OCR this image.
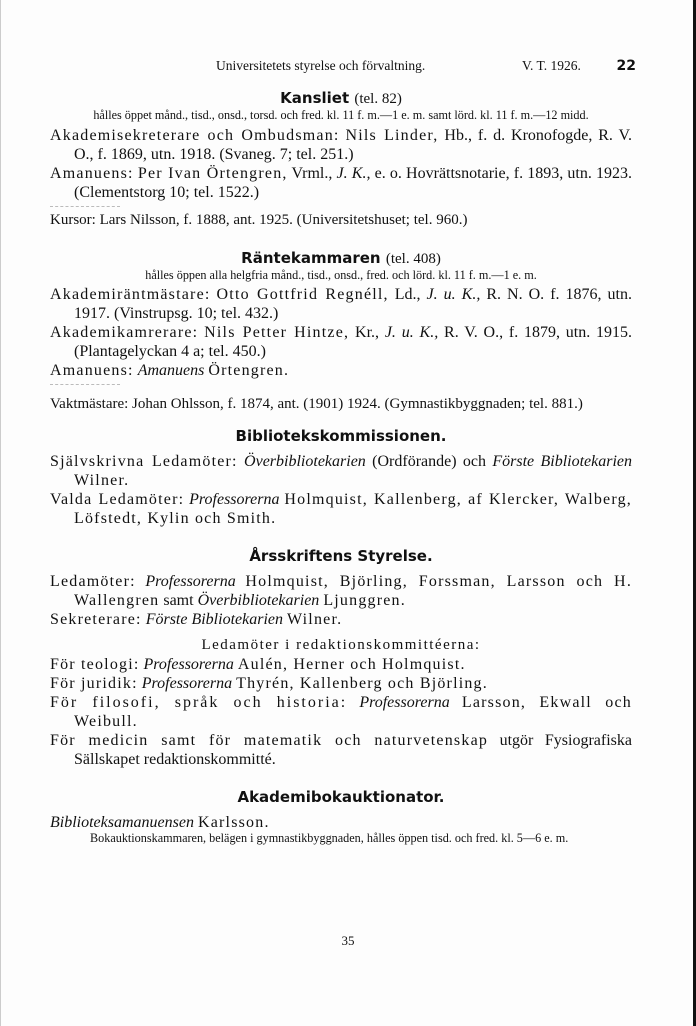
Universitetets styrelse och förvaltning.	V. T. 1926.	22

Kansliet (tel. 82)

hålles öppet månd., tisd., onsd., torsd. och fred. kl. 11 f. m.—1 e. m. samt lörd. kl. 11 f. m.—12 midd.

Akademisekreterare och Ombudsman: Nils Linder, Hb., f. d. Kronofogde, R. V. O., f. 1869, utn. 1918. (Svaneg. 7; tel. 251.)

Amanuens: Per Ivan Örtengren, Vrml., J. K., e. o. Hovrättsnotarie, f. 1893, utn. 1923. (Clementstorg 10; tel. 1522.)

Kursor: Lars Nilsson, f. 1888, ant. 1925. (Universitetshuset; tel. 960.)

Räntekammaren (tel. 408)

hålles öppen alla helgfria månd., tisd., onsd., fred. och lörd. kl. 11 f. m.—1 e. m.

Akademiräntmästare: Otto Gottfrid Regnéll, Ld., J. u. K., R. N. O. f. 1876, utn. 1917. (Vinstrupsg. 10; tel. 432.)

Akademikamrerare: Nils Petter Hintze, Kr., J. u. K., R. V. O., f. 1879, utn. 1915. (Plantagelyckan 4 a; tel. 450.)

Amanuens: Amanuens Örtengren.

Vaktmästare: Johan Ohlsson, f. 1874, ant. (1901) 1924. (Gymnastikbyggnaden; tel. 881.)

Bibliotekskommissionen.

Självskrivna Ledamöter: Överbibliotekarien (Ordförande) och Förste Bibliotekarien Wilner.

Valda Ledamöter: Professorerna Holmquist, Kallenberg, af Klercker, Walberg, Löfstedt, Kylin och Smith.

Årsskriftens Styrelse.

Ledamöter: Professorerna Holmquist, Björling, Forssman, Larsson och H. Wallengren samt Överbibliotekarien Ljunggren.

Sekreterare: Förste Bibliotekarien Wilner.

Ledamöter i redaktionskommittéerna:

För teologi: Professorerna Aulén, Herner och Holmquist.

För juridik: Professorerna Thyrén, Kallenberg och Björling.

För filosofi, språk och historia: Professorerna Larsson, Ekwall och Weibull.

För medicin samt för matematik och naturvetenskap utgör Fysiografiska Sällskapet redaktionskommitté.

Akademibokauktionator.

Biblioteksamanuensen Karlsson.

Bokauktionskammaren, belägen i gymnastikbyggnaden, hålles öppen tisd. och fred. kl. 5—6 e. m.

35
